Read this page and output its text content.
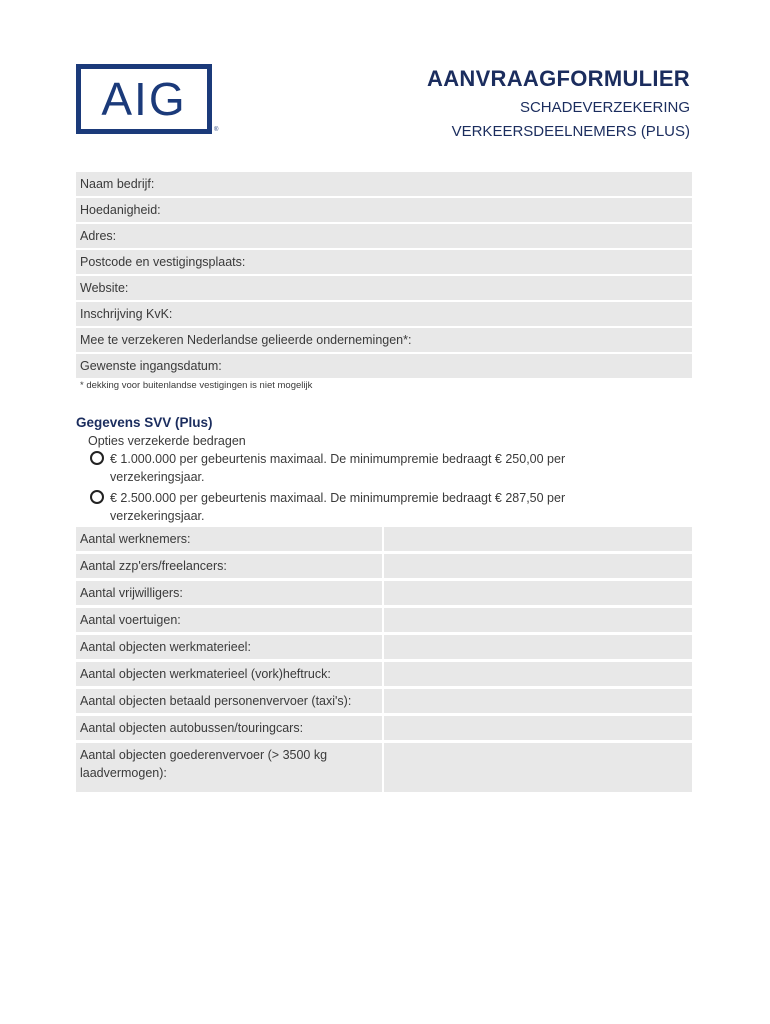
AIG
®
AANVRAAGFORMULIER
SCHADEVERZEKERING
VERKEERSDEELNEMERS (PLUS)
Naam bedrijf:
Hoedanigheid:
Adres:
Postcode en vestigingsplaats:
Website:
Inschrijving KvK:
Mee te verzekeren Nederlandse gelieerde ondernemingen*:
Gewenste ingangsdatum:
* dekking voor buitenlandse vestigingen is niet mogelijk
Gegevens SVV (Plus)
Opties verzekerde bedragen
€ 1.000.000 per gebeurtenis maximaal. De minimumpremie bedraagt € 250,00 per verzekeringsjaar.
€ 2.500.000 per gebeurtenis maximaal. De minimumpremie bedraagt € 287,50 per verzekeringsjaar.
Aantal werknemers:
Aantal zzp'ers/freelancers:
Aantal vrijwilligers:
Aantal voertuigen:
Aantal objecten werkmaterieel:
Aantal objecten werkmaterieel (vork)heftruck:
Aantal objecten betaald personenvervoer (taxi's):
Aantal objecten autobussen/touringcars:
Aantal objecten goederenvervoer (> 3500 kg laadvermogen):
